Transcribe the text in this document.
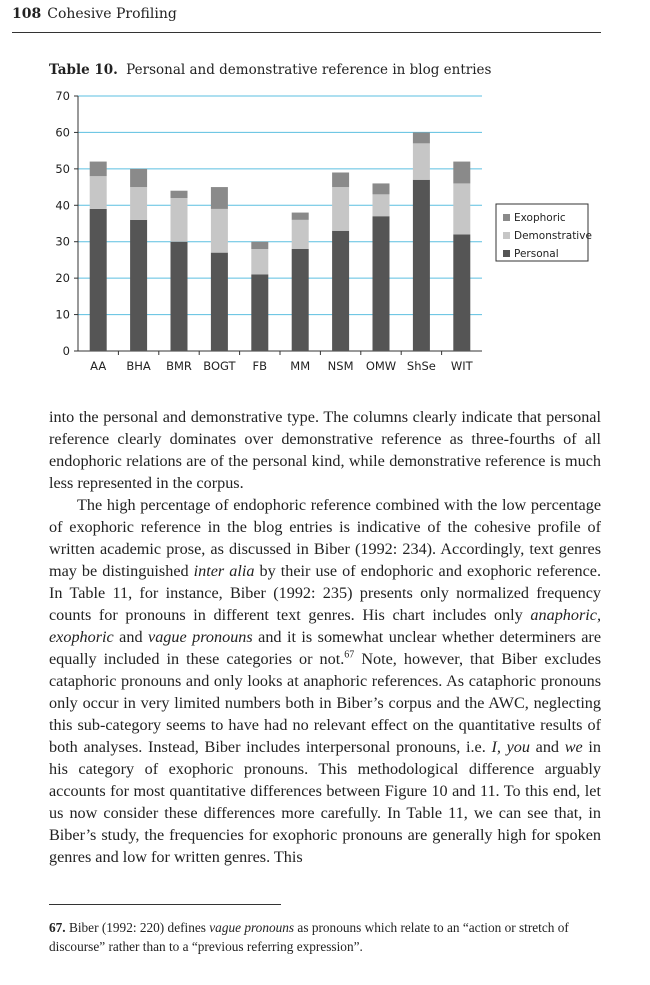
108 Cohesive Profiling
Table 10. Personal and demonstrative reference in blog entries
0
10
20
30
40
50
60
70
AA BHA BMR BOGT FB MM NSM OMW ShSe WIT
Exophoric
Demonstrative
Personal

into the personal and demonstrative type. The columns clearly indicate that personal reference clearly dominates over demonstrative reference as three-fourths of all endophoric relations are of the personal kind, while demonstrative reference is much less represented in the corpus.

The high percentage of endophoric reference combined with the low percentage of exophoric reference in the blog entries is indicative of the cohesive profile of written academic prose, as discussed in Biber (1992: 234). Accordingly, text genres may be distinguished inter alia by their use of endophoric and exophoric reference. In Table 11, for instance, Biber (1992: 235) presents only normalized frequency counts for pronouns in different text genres. His chart includes only anaphoric, exophoric and vague pronouns and it is somewhat unclear whether determiners are equally included in these categories or not.$^{67}$ Note, however, that Biber excludes cataphoric pronouns and only looks at anaphoric references. As cataphoric pronouns only occur in very limited numbers both in Biber’s corpus and the AWC, neglecting this sub-category seems to have had no relevant effect on the quantitative results of both analyses. Instead, Biber includes interpersonal pronouns, i.e. I, you and we in his category of exophoric pronouns. This methodological difference arguably accounts for most quantitative differences between Figure 10 and 11. To this end, let us now consider these differences more carefully. In Table 11, we can see that, in Biber’s study, the frequencies for exophoric pronouns are generally high for spoken genres and low for written genres. This

67. Biber (1992: 220) defines vague pronouns as pronouns which relate to an “action or stretch of discourse” rather than to a “previous referring expression”.
